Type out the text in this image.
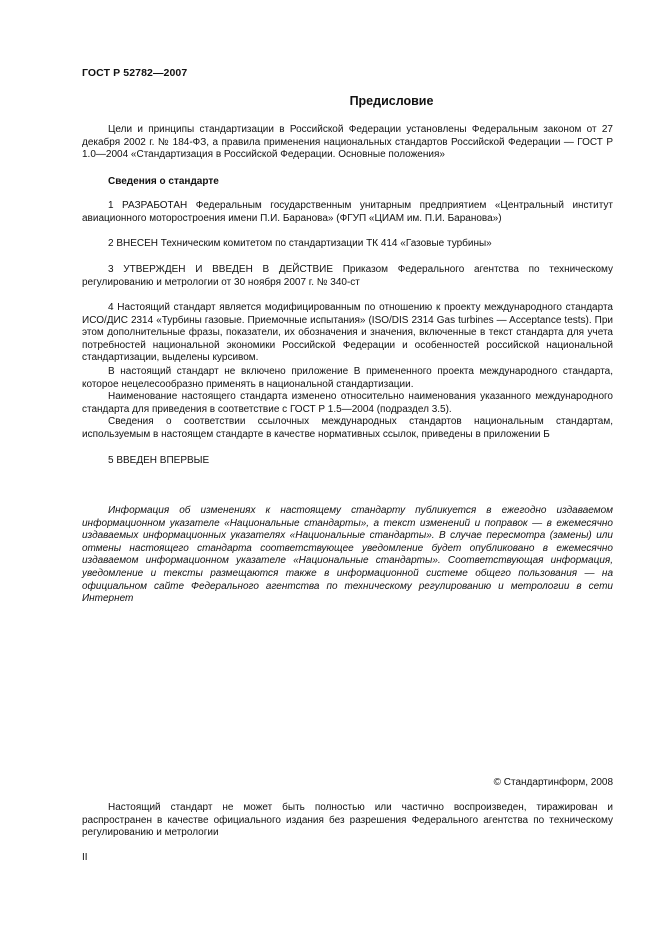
ГОСТ Р 52782—2007
Предисловие

Цели и принципы стандартизации в Российской Федерации установлены Федеральным законом от 27 декабря 2002 г. № 184-ФЗ, а правила применения национальных стандартов Российской Федерации — ГОСТ Р 1.0—2004 «Стандартизация в Российской Федерации. Основные положения»

Сведения о стандарте

1 РАЗРАБОТАН Федеральным государственным унитарным предприятием «Центральный институт авиационного моторостроения имени П.И. Баранова» (ФГУП «ЦИАМ им. П.И. Баранова»)

2 ВНЕСЕН Техническим комитетом по стандартизации ТК 414 «Газовые турбины»

3 УТВЕРЖДЕН И ВВЕДЕН В ДЕЙСТВИЕ Приказом Федерального агентства по техническому регулированию и метрологии от 30 ноября 2007 г. № 340-ст

4 Настоящий стандарт является модифицированным по отношению к проекту международного стандарта ИСО/ДИС 2314 «Турбины газовые. Приемочные испытания» (ISO/DIS 2314 Gas turbines — Acceptance tests). При этом дополнительные фразы, показатели, их обозначения и значения, включенные в текст стандарта для учета потребностей национальной экономики Российской Федерации и особенностей российской национальной стандартизации, выделены курсивом.

В настоящий стандарт не включено приложение В примененного проекта международного стандарта, которое нецелесообразно применять в национальной стандартизации.

Наименование настоящего стандарта изменено относительно наименования указанного международного стандарта для приведения в соответствие с ГОСТ Р 1.5—2004 (подраздел 3.5).

Сведения о соответствии ссылочных международных стандартов национальным стандартам, используемым в настоящем стандарте в качестве нормативных ссылок, приведены в приложении Б

5 ВВЕДЕН ВПЕРВЫЕ

Информация об изменениях к настоящему стандарту публикуется в ежегодно издаваемом информационном указателе «Национальные стандарты», а текст изменений и поправок — в ежемесячно издаваемых информационных указателях «Национальные стандарты». В случае пересмотра (замены) или отмены настоящего стандарта соответствующее уведомление будет опубликовано в ежемесячно издаваемом информационном указателе «Национальные стандарты». Соответствующая информация, уведомление и тексты размещаются также в информационной системе общего пользования — на официальном сайте Федерального агентства по техническому регулированию и метрологии в сети Интернет

© Стандартинформ, 2008

Настоящий стандарт не может быть полностью или частично воспроизведен, тиражирован и распространен в качестве официального издания без разрешения Федерального агентства по техническому регулированию и метрологии

II
